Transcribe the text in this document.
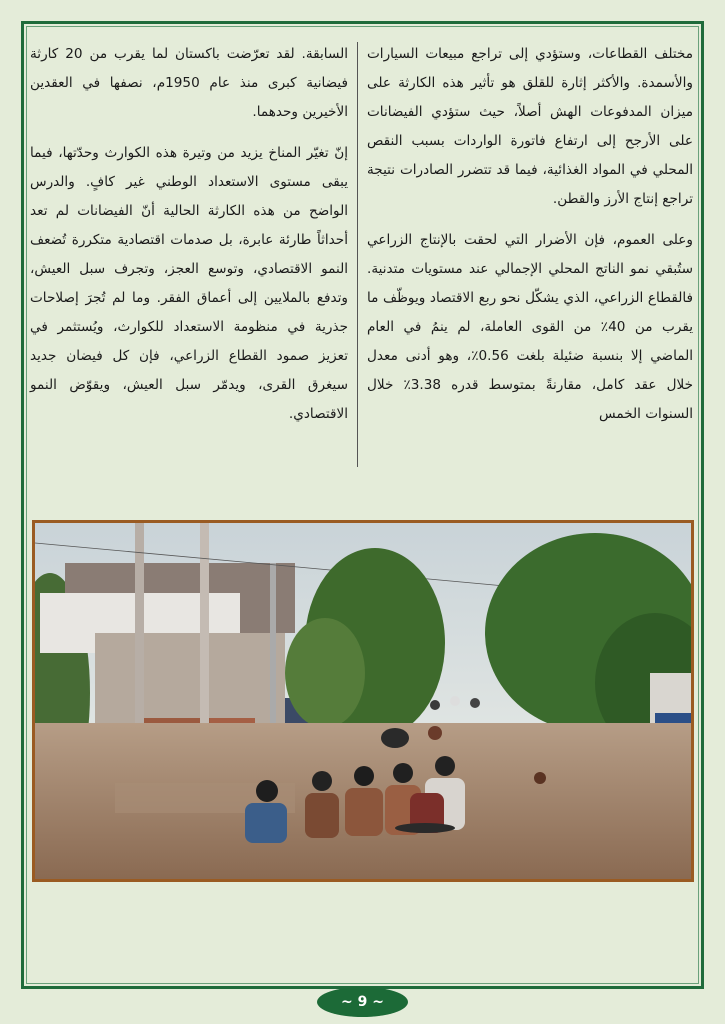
مختلف القطاعات، وستؤدي إلى تراجع مبيعات السيارات والأسمدة. والأكثر إثارة للقلق هو تأثير هذه الكارثة على ميزان المدفوعات الهش أصلاً، حيث ستؤدي الفيضانات على الأرجح إلى ارتفاع فاتورة الواردات بسبب النقص المحلي في المواد الغذائية، فيما قد تتضرر الصادرات نتيجة تراجع إنتاج الأرز والقطن.

وعلى العموم، فإن الأضرار التي لحقت بالإنتاج الزراعي ستُبقي نمو الناتج المحلي الإجمالي عند مستويات متدنية. فالقطاع الزراعي، الذي يشكّل نحو ربع الاقتصاد ويوظّف ما يقرب من 40٪ من القوى العاملة، لم ينمُ في العام الماضي إلا بنسبة ضئيلة بلغت 0.56٪، وهو أدنى معدل خلال عقد كامل، مقارنةً بمتوسط قدره 3.38٪ خلال السنوات الخمس

السابقة. لقد تعرّضت باكستان لما يقرب من 20 كارثة فيضانية كبرى منذ عام 1950م، نصفها في العقدين الأخيرين وحدهما.

إنّ تغيّر المناخ يزيد من وتيرة هذه الكوارث وحدّتها، فيما يبقى مستوى الاستعداد الوطني غير كافٍ. والدرس الواضح من هذه الكارثة الحالية أنّ الفيضانات لم تعد أحداثاً طارئة عابرة، بل صدمات اقتصادية متكررة تُضعف النمو الاقتصادي، وتوسع العجز، وتجرف سبل العيش، وتدفع بالملايين إلى أعماق الفقر. وما لم تُجرَ إصلاحات جذرية في منظومة الاستعداد للكوارث، ويُستثمر في تعزيز صمود القطاع الزراعي، فإن كل فيضان جديد سيغرق القرى، ويدمّر سبل العيش، ويقوّض النمو الاقتصادي.

~ 9 ~
